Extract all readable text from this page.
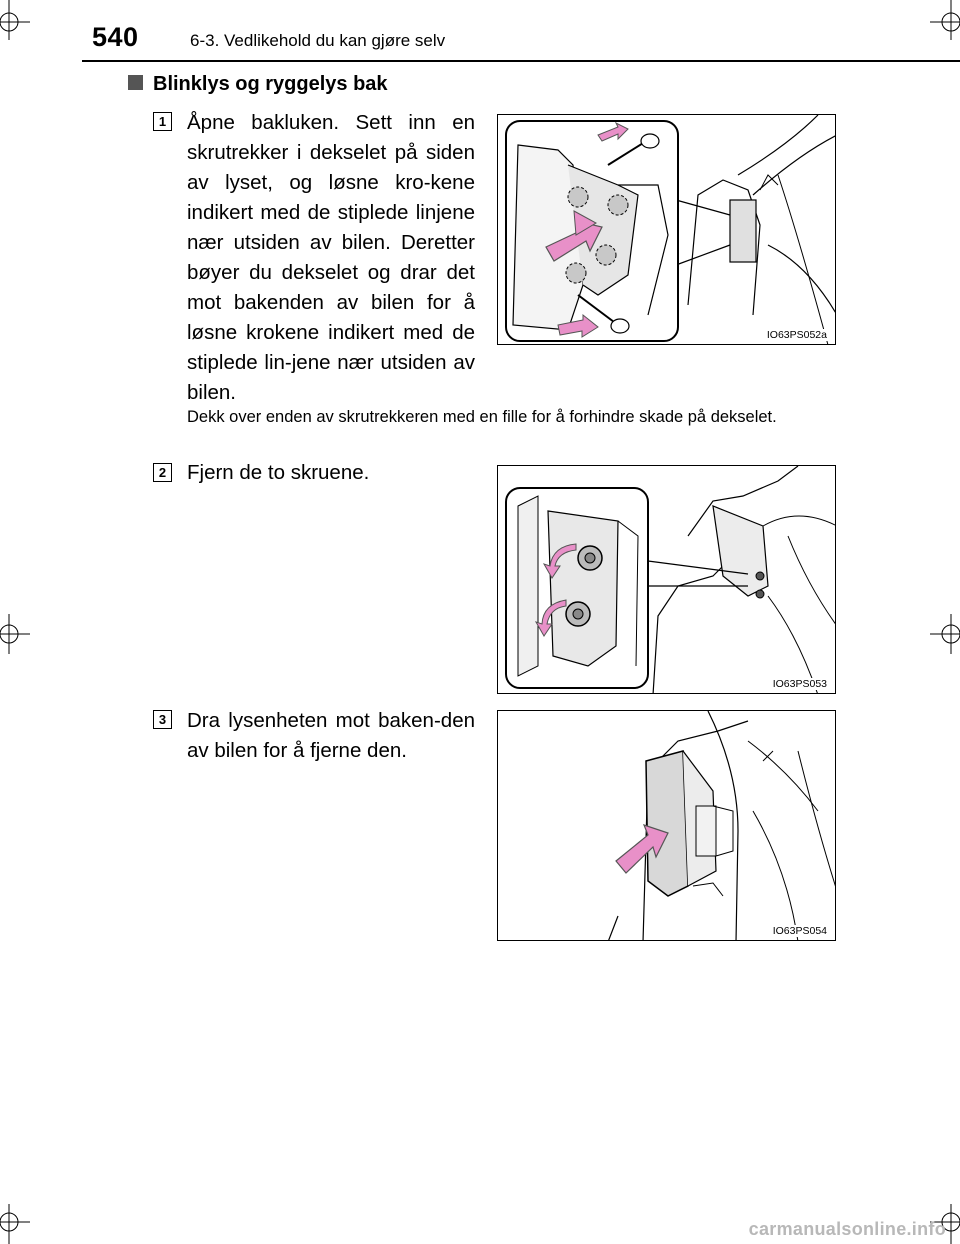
540	6-3. Vedlikehold du kan gjøre selv
Blinklys og ryggelys bak
1 Åpne bakluken. Sett inn en skrutrekker i dekselet på siden av lyset, og løsne kro-kene indikert med de stiplede linjene nær utsiden av bilen. Deretter bøyer du dekselet og drar det mot bakenden av bilen for å løsne krokene indikert med de stiplede lin-jene nær utsiden av bilen.
Dekk over enden av skrutrekkeren med en fille for å forhindre skade på dekselet.
IO63PS052a
2 Fjern de to skruene.
IO63PS053
3 Dra lysenheten mot baken-den av bilen for å fjerne den.
IO63PS054
carmanualsonline.info
